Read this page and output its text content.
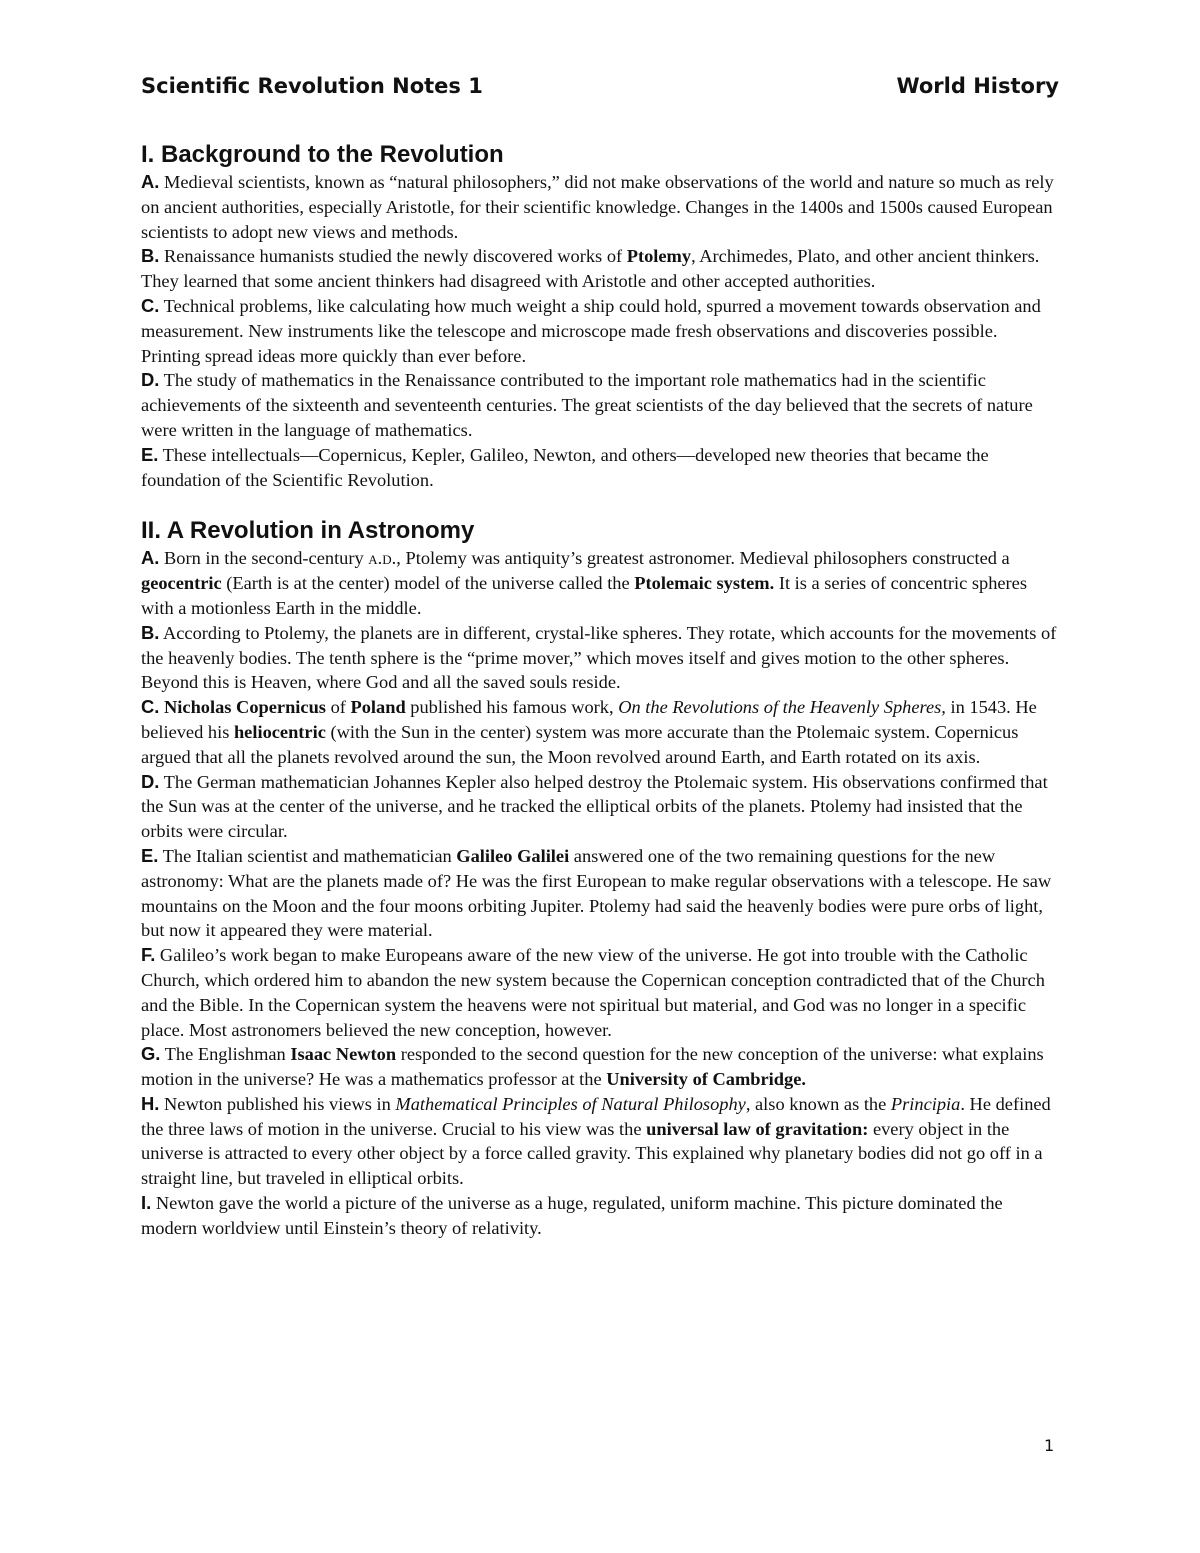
Scientific Revolution Notes 1	World History
I. Background to the Revolution

A. Medieval scientists, known as “natural philosophers,” did not make observations of the world and nature so much as rely on ancient authorities, especially Aristotle, for their scientific knowledge. Changes in the 1400s and 1500s caused European scientists to adopt new views and methods.

B. Renaissance humanists studied the newly discovered works of Ptolemy, Archimedes, Plato, and other ancient thinkers. They learned that some ancient thinkers had disagreed with Aristotle and other accepted authorities.

C. Technical problems, like calculating how much weight a ship could hold, spurred a movement towards observation and measurement. New instruments like the telescope and microscope made fresh observations and discoveries possible. Printing spread ideas more quickly than ever before.

D. The study of mathematics in the Renaissance contributed to the important role mathematics had in the scientific achievements of the sixteenth and seventeenth centuries. The great scientists of the day believed that the secrets of nature were written in the language of mathematics.

E. These intellectuals—Copernicus, Kepler, Galileo, Newton, and others—developed new theories that became the foundation of the Scientific Revolution.

II. A Revolution in Astronomy

A. Born in the second-century a.d., Ptolemy was antiquity’s greatest astronomer. Medieval philosophers constructed a geocentric (Earth is at the center) model of the universe called the Ptolemaic system. It is a series of concentric spheres with a motionless Earth in the middle.

B. According to Ptolemy, the planets are in different, crystal-like spheres. They rotate, which accounts for the movements of the heavenly bodies. The tenth sphere is the “prime mover,” which moves itself and gives motion to the other spheres. Beyond this is Heaven, where God and all the saved souls reside.

C. Nicholas Copernicus of Poland published his famous work, On the Revolutions of the Heavenly Spheres, in 1543. He believed his heliocentric (with the Sun in the center) system was more accurate than the Ptolemaic system. Copernicus argued that all the planets revolved around the sun, the Moon revolved around Earth, and Earth rotated on its axis.

D. The German mathematician Johannes Kepler also helped destroy the Ptolemaic system. His observations confirmed that the Sun was at the center of the universe, and he tracked the elliptical orbits of the planets. Ptolemy had insisted that the orbits were circular.

E. The Italian scientist and mathematician Galileo Galilei answered one of the two remaining questions for the new astronomy: What are the planets made of? He was the first European to make regular observations with a telescope. He saw mountains on the Moon and the four moons orbiting Jupiter. Ptolemy had said the heavenly bodies were pure orbs of light, but now it appeared they were material.

F. Galileo’s work began to make Europeans aware of the new view of the universe. He got into trouble with the Catholic Church, which ordered him to abandon the new system because the Copernican conception contradicted that of the Church and the Bible. In the Copernican system the heavens were not spiritual but material, and God was no longer in a specific place. Most astronomers believed the new conception, however.

G. The Englishman Isaac Newton responded to the second question for the new conception of the universe: what explains motion in the universe? He was a mathematics professor at the University of Cambridge.

H. Newton published his views in Mathematical Principles of Natural Philosophy, also known as the Principia. He defined the three laws of motion in the universe. Crucial to his view was the universal law of gravitation: every object in the universe is attracted to every other object by a force called gravity. This explained why planetary bodies did not go off in a straight line, but traveled in elliptical orbits.

I. Newton gave the world a picture of the universe as a huge, regulated, uniform machine. This picture dominated the modern worldview until Einstein’s theory of relativity.

1
